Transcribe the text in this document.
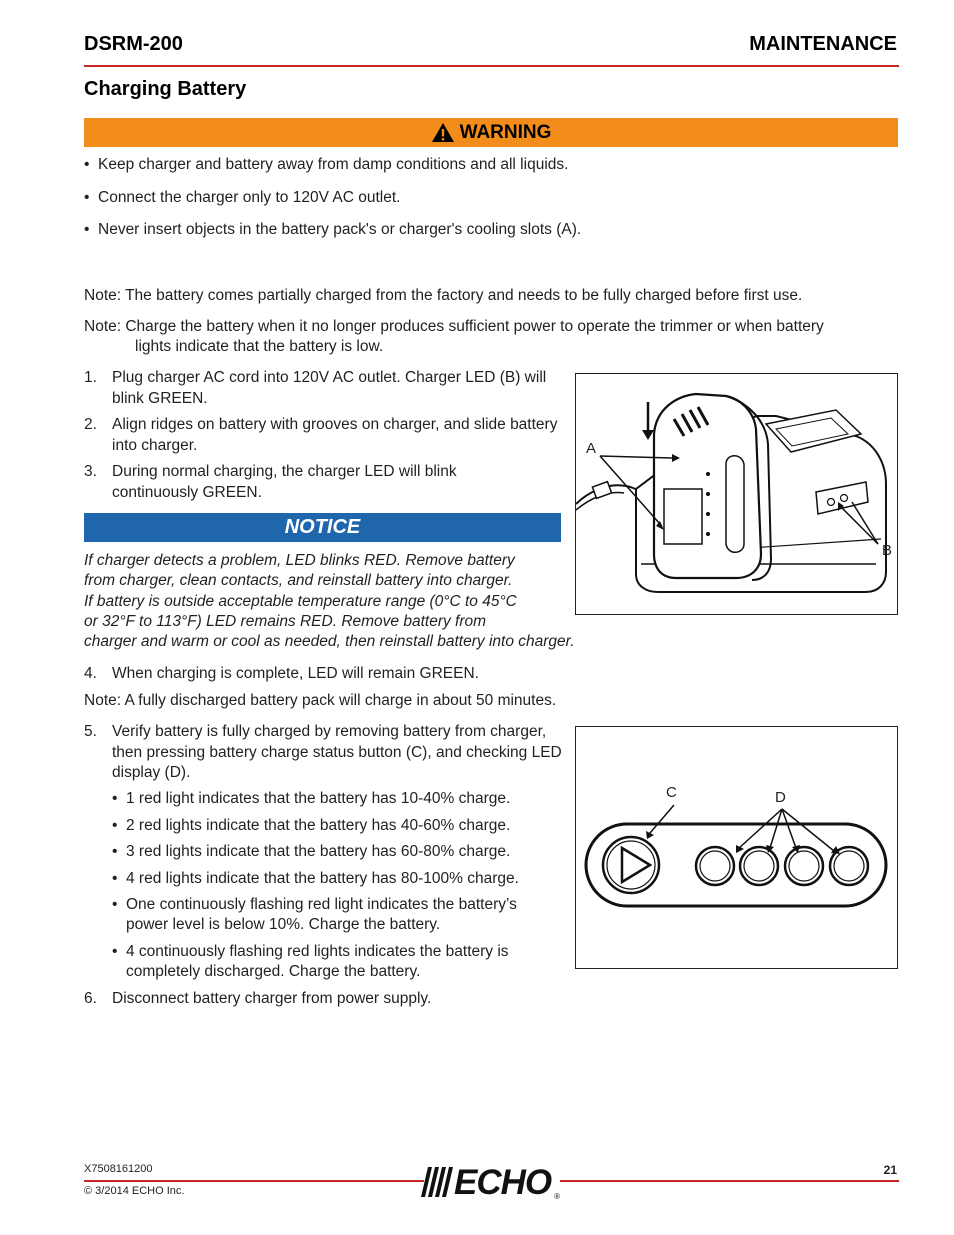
DSRM-200	MAINTENANCE
Charging Battery
WARNING
• Keep charger and battery away from damp conditions and all liquids.
• Connect the charger only to 120V AC outlet.
• Never insert objects in the battery pack's or charger's cooling slots (A).
Note: The battery comes partially charged from the factory and needs to be fully charged before first use.
Note: Charge the battery when it no longer produces sufficient power to operate the trimmer or when battery
lights indicate that the battery is low.
1. Plug charger AC cord into 120V AC outlet. Charger LED (B) will blink GREEN.
2. Align ridges on battery with grooves on charger, and slide battery into charger.
3. During normal charging, the charger LED will blink continuously GREEN.
NOTICE
If charger detects a problem, LED blinks RED. Remove battery
from charger, clean contacts, and reinstall battery into charger.
If battery is outside acceptable temperature range (0°C to 45°C
or 32°F to 113°F) LED remains RED. Remove battery from
charger and warm or cool as needed, then reinstall battery into charger.
A
B
4. When charging is complete, LED will remain GREEN.
Note: A fully discharged battery pack will charge in about 50 minutes.
5. Verify battery is fully charged by removing battery from charger, then pressing battery charge status button (C), and checking LED display (D).
• 1 red light indicates that the battery has 10-40% charge.
• 2 red lights indicate that the battery has 40-60% charge.
• 3 red lights indicate that the battery has 60-80% charge.
• 4 red lights indicate that the battery has 80-100% charge.
• One continuously flashing red light indicates the battery’s power level is below 10%. Charge the battery.
• 4 continuously flashing red lights indicates the battery is completely discharged. Charge the battery.
6. Disconnect battery charger from power supply.
C	D
X7508161200	21
© 3/2014 ECHO Inc.	ECHO ®
